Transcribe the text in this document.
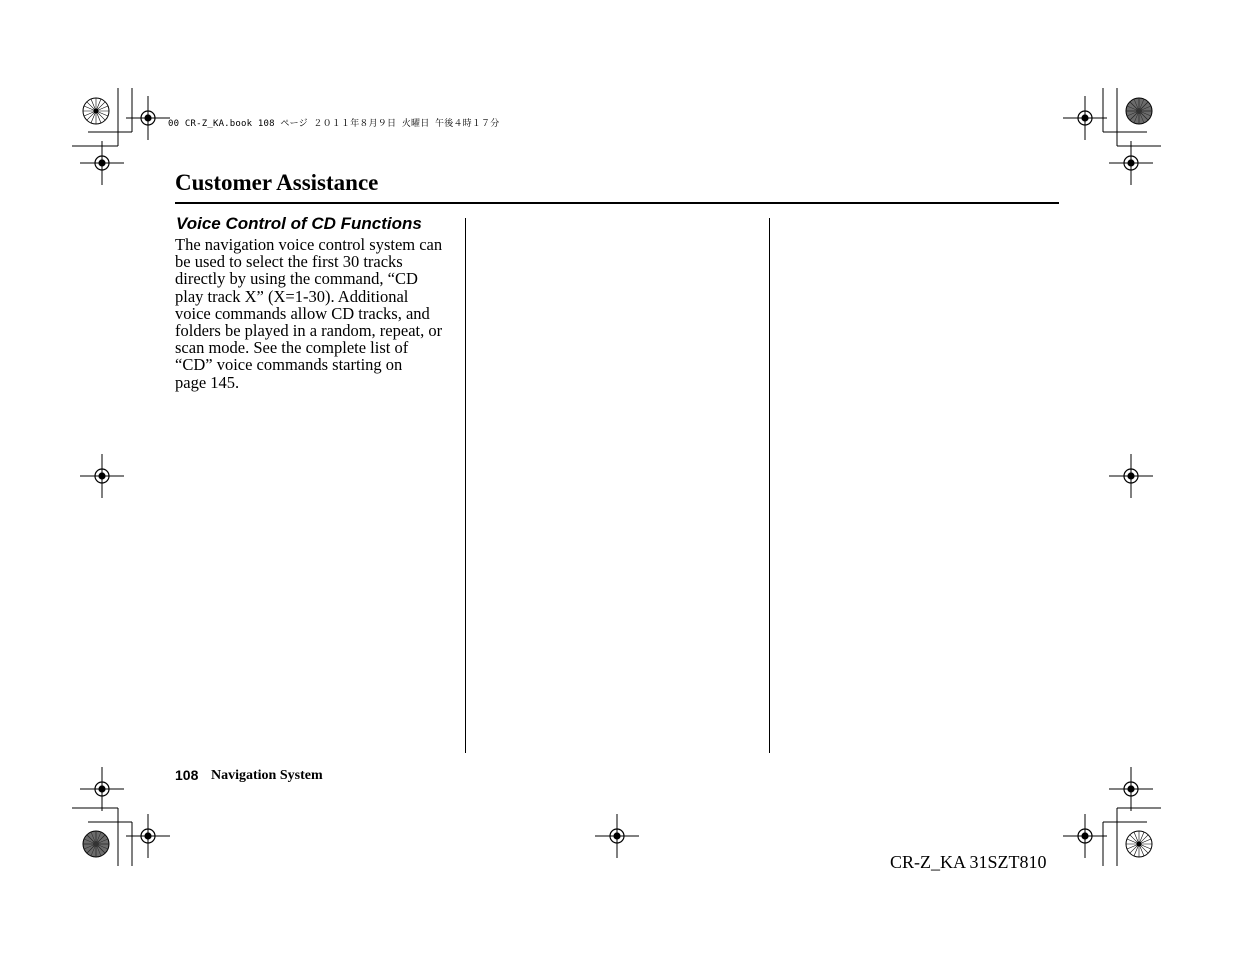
00 CR-Z_KA.book 108 ページ ２０１１年８月９日 火曜日 午後４時１７分
Customer Assistance
Voice Control of CD Functions
The navigation voice control system can
be used to select the first 30 tracks
directly by using the command, “CD
play track X” (X=1-30). Additional
voice commands allow CD tracks, and
folders be played in a random, repeat, or
scan mode. See the complete list of
“CD” voice commands starting on
page 145.
108 Navigation System
CR-Z_KA 31SZT810
